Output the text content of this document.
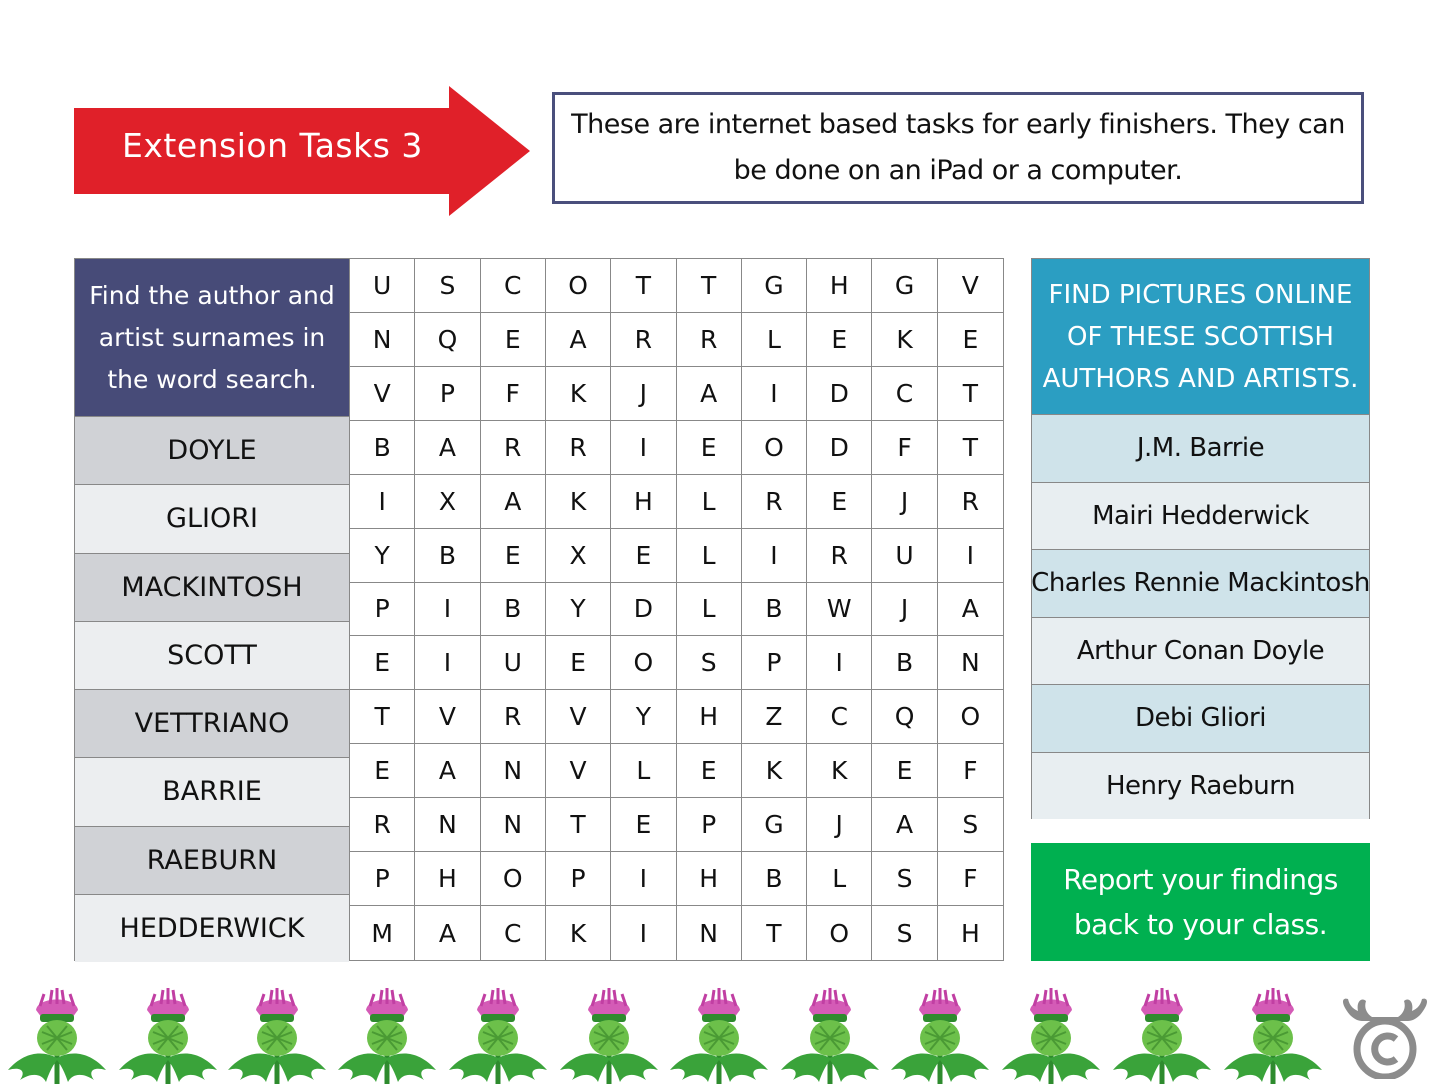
Extension Tasks 3
These are internet based tasks for early finishers. They can be done on an iPad or a computer.
Find the author and artist surnames in the word search.
DOYLE
GLIORI
MACKINTOSH
SCOTT
VETTRIANO
BARRIE
RAEBURN
HEDDERWICK
U	S	C	O	T	T	G	H	G	V
N	Q	E	A	R	R	L	E	K	E
V	P	F	K	J	A	I	D	C	T
B	A	R	R	I	E	O	D	F	T
I	X	A	K	H	L	R	E	J	R
Y	B	E	X	E	L	I	R	U	I
P	I	B	Y	D	L	B	W	J	A
E	I	U	E	O	S	P	I	B	N
T	V	R	V	Y	H	Z	C	Q	O
E	A	N	V	L	E	K	K	E	F
R	N	N	T	E	P	G	J	A	S
P	H	O	P	I	H	B	L	S	F
M	A	C	K	I	N	T	O	S	H
FIND PICTURES ONLINE OF THESE SCOTTISH AUTHORS AND ARTISTS.
J.M. Barrie
Mairi Hedderwick
Charles Rennie Mackintosh
Arthur Conan Doyle
Debi Gliori
Henry Raeburn
Report your findings back to your class.
